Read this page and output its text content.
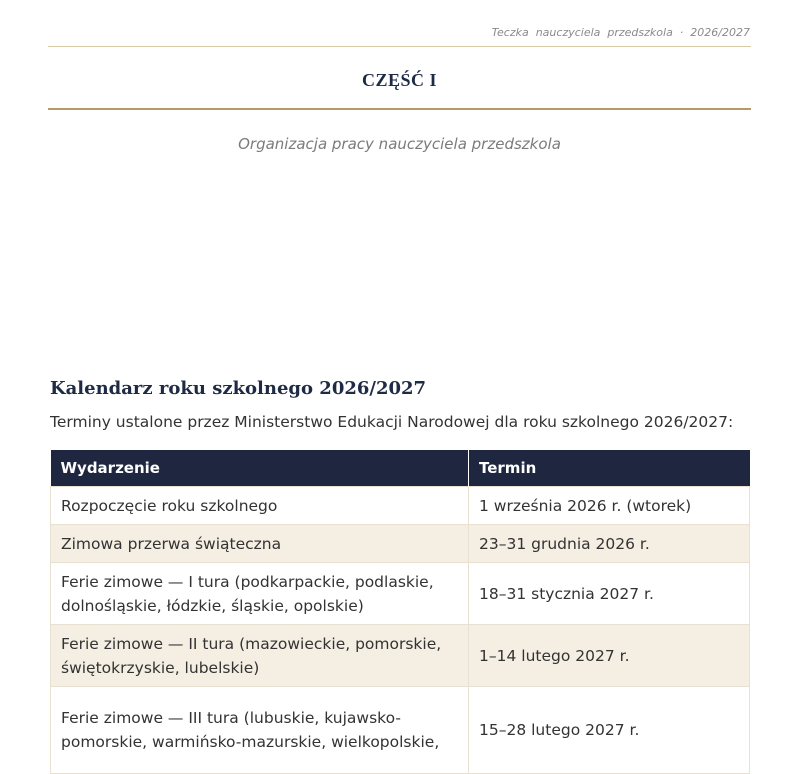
Teczka  nauczyciela  przedszkola  ·  2026/2027
CZĘŚĆ I
Organizacja pracy nauczyciela przedszkola
Kalendarz roku szkolnego 2026/2027
Terminy ustalone przez Ministerstwo Edukacji Narodowej dla roku szkolnego 2026/2027:
Wydarzenie	Termin
Rozpoczęcie roku szkolnego	1 września 2026 r. (wtorek)
Zimowa przerwa świąteczna	23–31 grudnia 2026 r.
Ferie zimowe — I tura (podkarpackie, podlaskie, dolnośląskie, łódzkie, śląskie, opolskie)	18–31 stycznia 2027 r.
Ferie zimowe — II tura (mazowieckie, pomorskie, świętokrzyskie, lubelskie)	1–14 lutego 2027 r.
Ferie zimowe — III tura (lubuskie, kujawsko-pomorskie, warmińsko-mazurskie, wielkopolskie,	15–28 lutego 2027 r.
